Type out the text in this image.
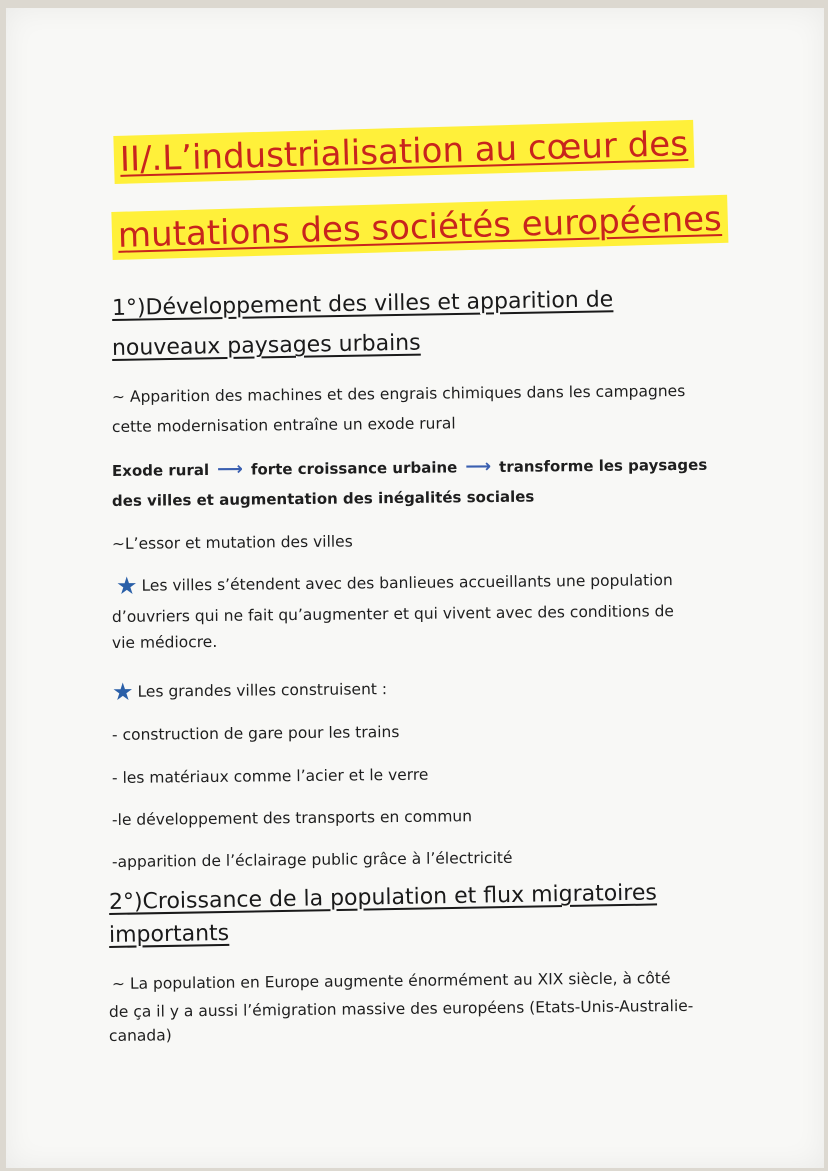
II/.L’industrialisation au cœur des
mutations des sociétés européenes
1°)Développement des villes et apparition de
nouveaux paysages urbains
~ Apparition des machines et des engrais chimiques dans les campagnes
cette modernisation entraîne un exode rural
Exode rural ⟶ forte croissance urbaine ⟶ transforme les paysages
des villes et augmentation des inégalités sociales
~L’essor et mutation des villes
★ Les villes s’étendent avec des banlieues accueillants une population
d’ouvriers qui ne fait qu’augmenter et qui vivent avec des conditions de
vie médiocre.
★ Les grandes villes construisent :
- construction de gare pour les trains
- les matériaux comme l’acier et le verre
-le développement des transports en commun
-apparition de l’éclairage public grâce à l’électricité
2°)Croissance de la population et flux migratoires
importants
~ La population en Europe augmente énormément au XIX siècle, à côté
de ça il y a aussi l’émigration massive des européens (Etats-Unis-Australie-
canada)
